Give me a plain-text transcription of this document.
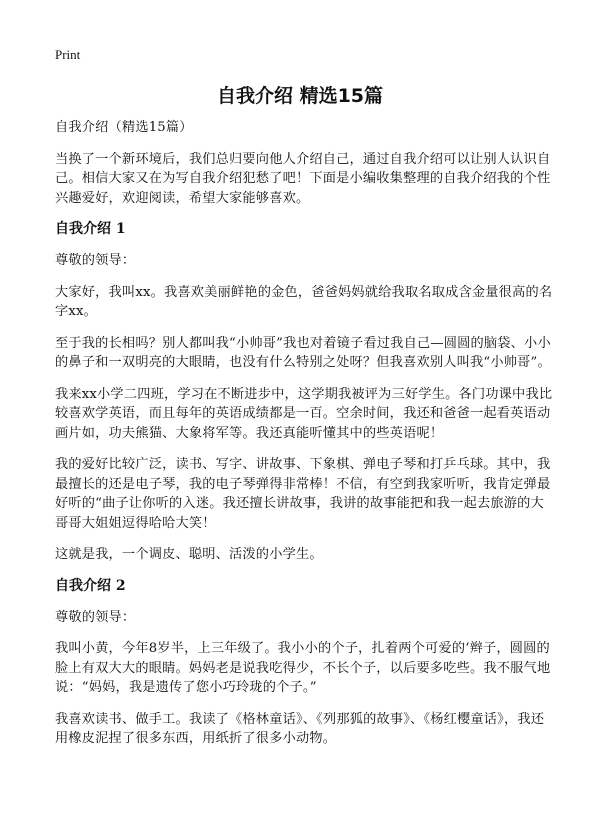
Print
自我介绍 精选15篇

自我介绍（精选15篇）

当换了一个新环境后，我们总归要向他人介绍自己，通过自我介绍可以让别人认识自己。相信大家又在为写自我介绍犯愁了吧！下面是小编收集整理的自我介绍我的个性兴趣爱好，欢迎阅读，希望大家能够喜欢。

自我介绍 1

尊敬的领导：

大家好，我叫xx。我喜欢美丽鲜艳的金色，爸爸妈妈就给我取名取成含金量很高的名字xx。

至于我的长相吗？别人都叫我“小帅哥”我也对着镜子看过我自己—圆圆的脑袋、小小的鼻子和一双明亮的大眼睛，也没有什么特别之处呀？但我喜欢别人叫我“小帅哥”。

我来xx小学二四班，学习在不断进步中，这学期我被评为三好学生。各门功课中我比较喜欢学英语，而且每年的英语成绩都是一百。空余时间，我还和爸爸一起看英语动画片如，功夫熊猫、大象将军等。我还真能听懂其中的些英语呢！

我的爱好比较广泛，读书、写字、讲故事、下象棋、弹电子琴和打乒乓球。其中，我最擅长的还是电子琴，我的电子琴弹得非常棒！不信，有空到我家听听，我肯定弹最好听的“曲子让你听的入迷。我还擅长讲故事，我讲的故事能把和我一起去旅游的大哥哥大姐姐逗得哈哈大笑！

这就是我，一个调皮、聪明、活泼的小学生。

自我介绍 2

尊敬的领导：

我叫小黄，今年8岁半，上三年级了。我小小的个子，扎着两个可爱的‘辫子，圆圆的脸上有双大大的眼睛。妈妈老是说我吃得少，不长个子，以后要多吃些。我不服气地说：“妈妈，我是遗传了您小巧玲珑的个子。”

我喜欢读书、做手工。我读了《格林童话》、《列那狐的故事》、《杨红樱童话》，我还用橡皮泥捏了很多东西，用纸折了很多小动物。
